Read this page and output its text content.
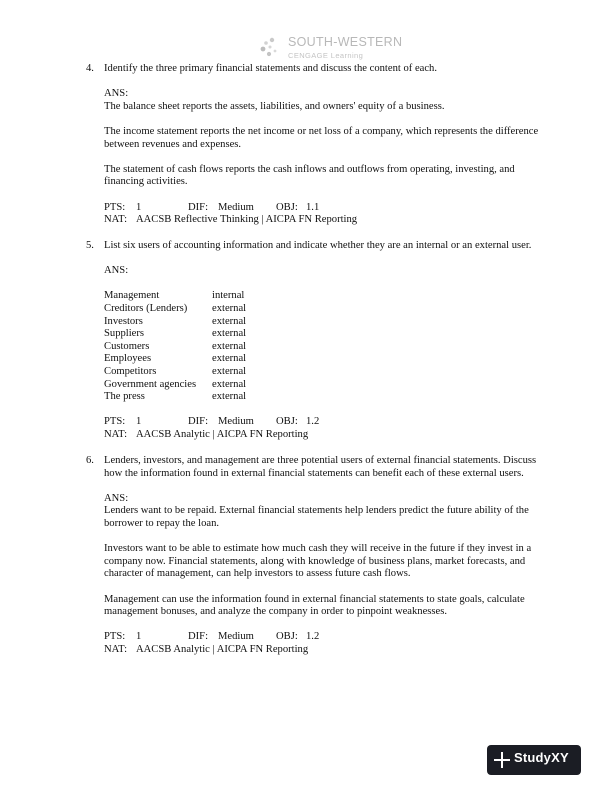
SOUTH-WESTERN
CENGAGE Learning
4. Identify the three primary financial statements and discuss the content of each.

ANS:

The balance sheet reports the assets, liabilities, and owners' equity of a business.

The income statement reports the net income or net loss of a company, which represents the difference between revenues and expenses.

The statement of cash flows reports the cash inflows and outflows from operating, investing, and financing activities.

PTS: 1	DIF: Medium OBJ: 1.1

NAT: AACSB Reflective Thinking | AICPA FN Reporting

5. List six users of accounting information and indicate whether they are an internal or an external user.

ANS:

Management	internal
Creditors (Lenders)	external
Investors	external
Suppliers	external
Customers	external
Employees	external
Competitors	external
Government agencies	external
The press	external

PTS: 1	DIF: Medium OBJ: 1.2

NAT: AACSB Analytic | AICPA FN Reporting

6. Lenders, investors, and management are three potential users of external financial statements. Discuss how the information found in external financial statements can benefit each of these external users.

ANS:

Lenders want to be repaid. External financial statements help lenders predict the future ability of the borrower to repay the loan.

Investors want to be able to estimate how much cash they will receive in the future if they invest in a company now. Financial statements, along with knowledge of business plans, market forecasts, and character of management, can help investors to assess future cash flows.

Management can use the information found in external financial statements to state goals, calculate management bonuses, and analyze the company in order to pinpoint weaknesses.

PTS: 1	DIF: Medium OBJ: 1.2

NAT: AACSB Analytic | AICPA FN Reporting

StudyXY
